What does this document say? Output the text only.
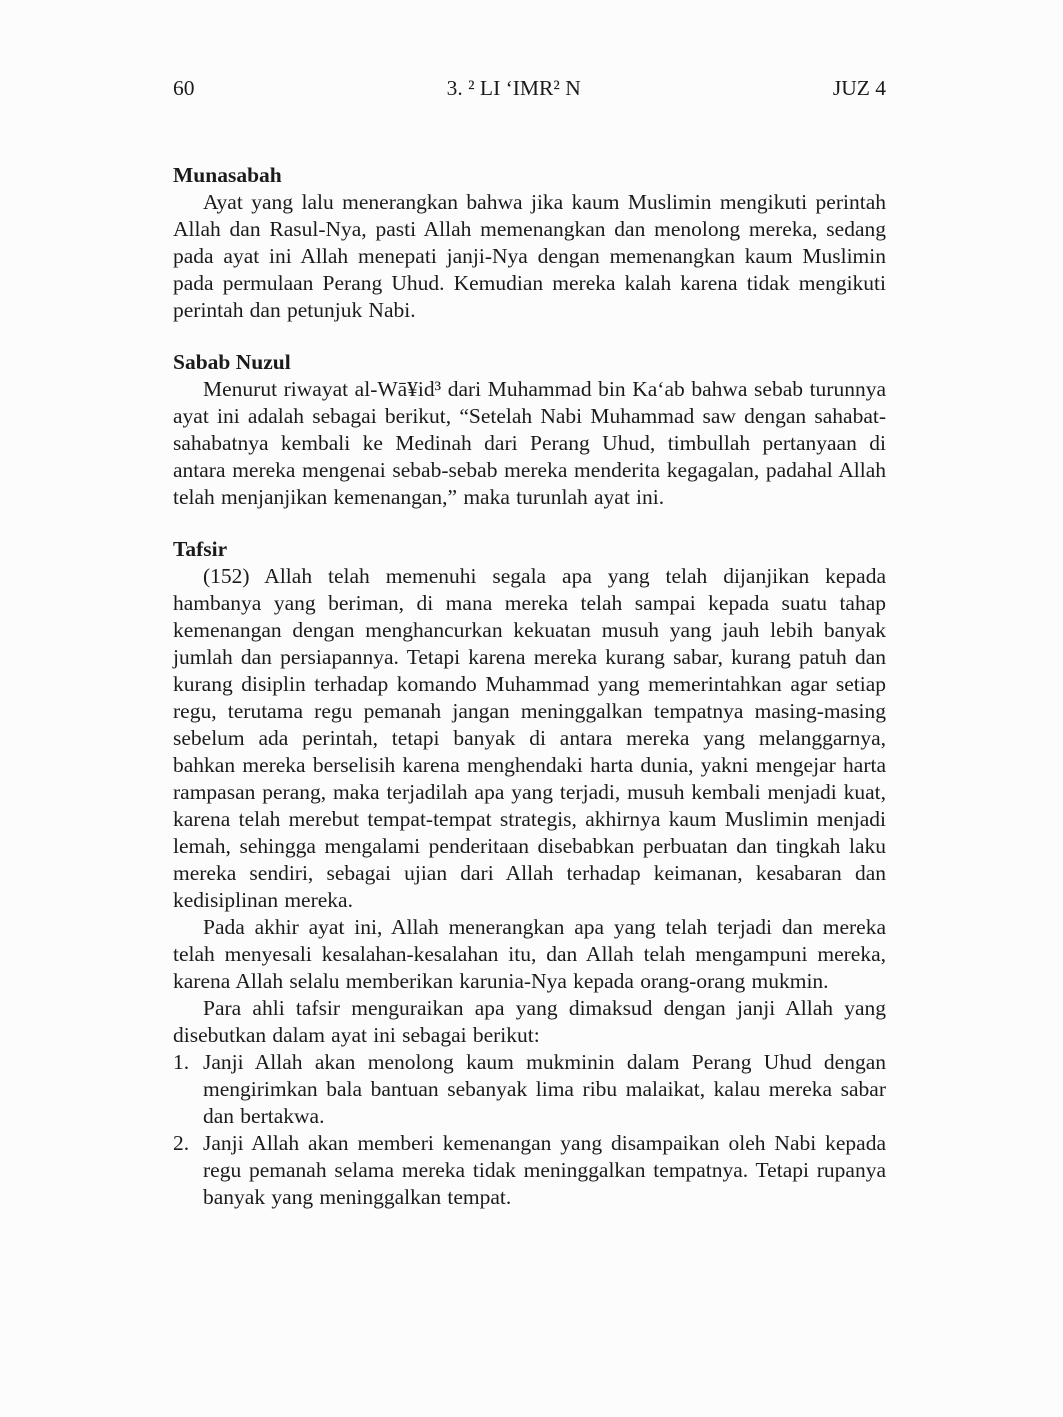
60	3. ² LI ‘IMR² N	JUZ 4
Munasabah

Ayat yang lalu menerangkan bahwa jika kaum Muslimin mengikuti perintah Allah dan Rasul-Nya, pasti Allah memenangkan dan menolong mereka, sedang pada ayat ini Allah menepati janji-Nya dengan memenangkan kaum Muslimin pada permulaan Perang Uhud. Kemudian mereka kalah karena tidak mengikuti perintah dan petunjuk Nabi.

Sabab Nuzul

Menurut riwayat al-Wā¥id³ dari Muhammad bin Ka‘ab bahwa sebab turunnya ayat ini adalah sebagai berikut, “Setelah Nabi Muhammad saw dengan sahabat-sahabatnya kembali ke Medinah dari Perang Uhud, timbullah pertanyaan di antara mereka mengenai sebab-sebab mereka menderita kegagalan, padahal Allah telah menjanjikan kemenangan,” maka turunlah ayat ini.

Tafsir

(152) Allah telah memenuhi segala apa yang telah dijanjikan kepada hambanya yang beriman, di mana mereka telah sampai kepada suatu tahap kemenangan dengan menghancurkan kekuatan musuh yang jauh lebih banyak jumlah dan persiapannya. Tetapi karena mereka kurang sabar, kurang patuh dan kurang disiplin terhadap komando Muhammad yang memerintahkan agar setiap regu, terutama regu pemanah jangan meninggalkan tempatnya masing-masing sebelum ada perintah, tetapi banyak di antara mereka yang melanggarnya, bahkan mereka berselisih karena menghendaki harta dunia, yakni mengejar harta rampasan perang, maka terjadilah apa yang terjadi, musuh kembali menjadi kuat, karena telah merebut tempat-tempat strategis, akhirnya kaum Muslimin menjadi lemah, sehingga mengalami penderitaan disebabkan perbuatan dan tingkah laku mereka sendiri, sebagai ujian dari Allah terhadap keimanan, kesabaran dan kedisiplinan mereka.

Pada akhir ayat ini, Allah menerangkan apa yang telah terjadi dan mereka telah menyesali kesalahan-kesalahan itu, dan Allah telah mengampuni mereka, karena Allah selalu memberikan karunia-Nya kepada orang-orang mukmin.

Para ahli tafsir menguraikan apa yang dimaksud dengan janji Allah yang disebutkan dalam ayat ini sebagai berikut:

1. Janji Allah akan menolong kaum mukminin dalam Perang Uhud dengan mengirimkan bala bantuan sebanyak lima ribu malaikat, kalau mereka sabar dan bertakwa.
2. Janji Allah akan memberi kemenangan yang disampaikan oleh Nabi kepada regu pemanah selama mereka tidak meninggalkan tempatnya. Tetapi rupanya banyak yang meninggalkan tempat.
